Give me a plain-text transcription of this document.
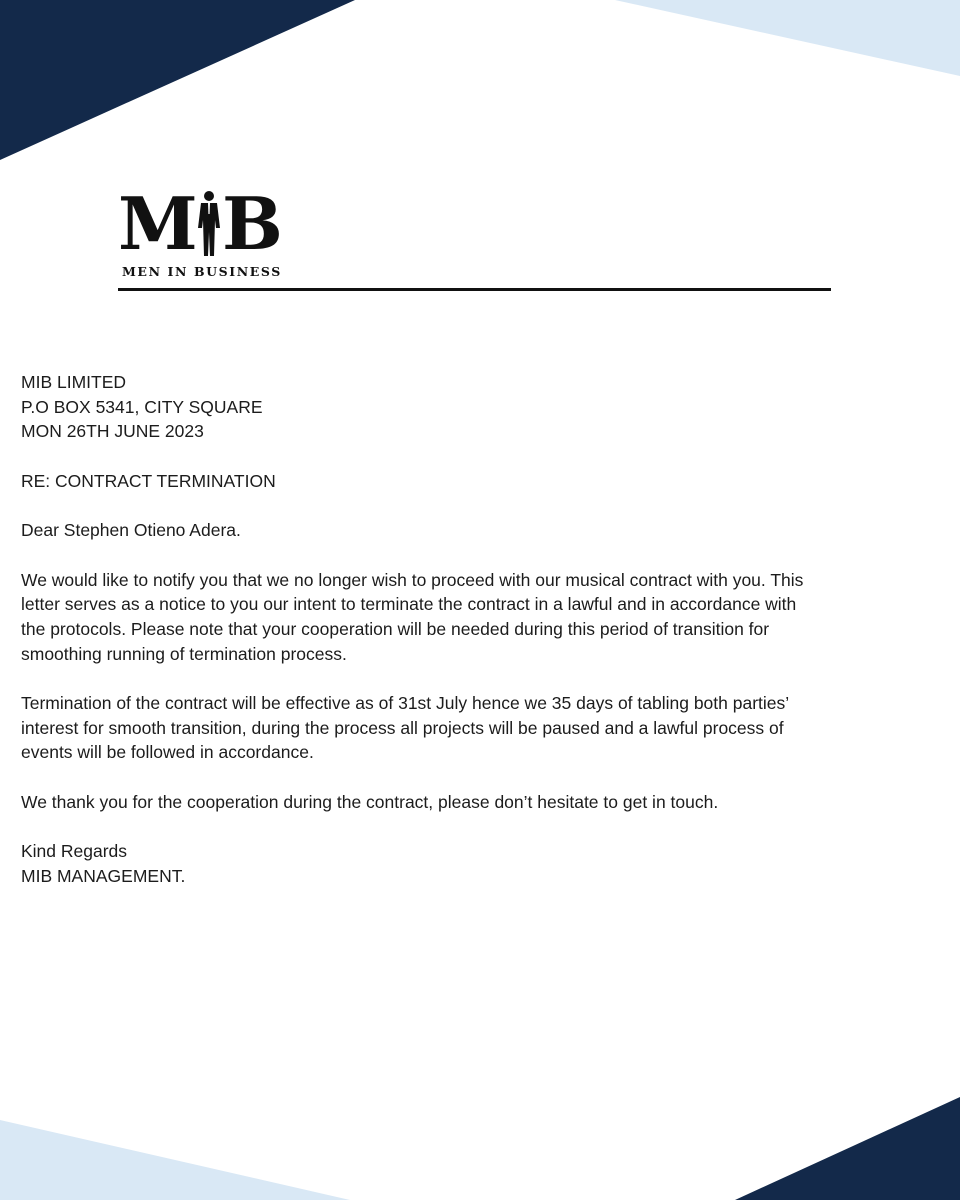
M B
MEN IN BUSINESS

MIB LIMITED
P.O BOX 5341, CITY SQUARE
MON 26TH JUNE 2023

RE: CONTRACT TERMINATION

Dear Stephen Otieno Adera.

We would like to notify you that we no longer wish to proceed with our musical contract with you. This
letter serves as a notice to you our intent to terminate the contract in a lawful and in accordance with
the protocols. Please note that your cooperation will be needed during this period of transition for
smoothing running of termination process.

Termination of the contract will be effective as of 31st July hence we 35 days of tabling both parties’
interest for smooth transition, during the process all projects will be paused and a lawful process of
events will be followed in accordance.

We thank you for the cooperation during the contract, please don’t hesitate to get in touch.

Kind Regards
MIB MANAGEMENT.
